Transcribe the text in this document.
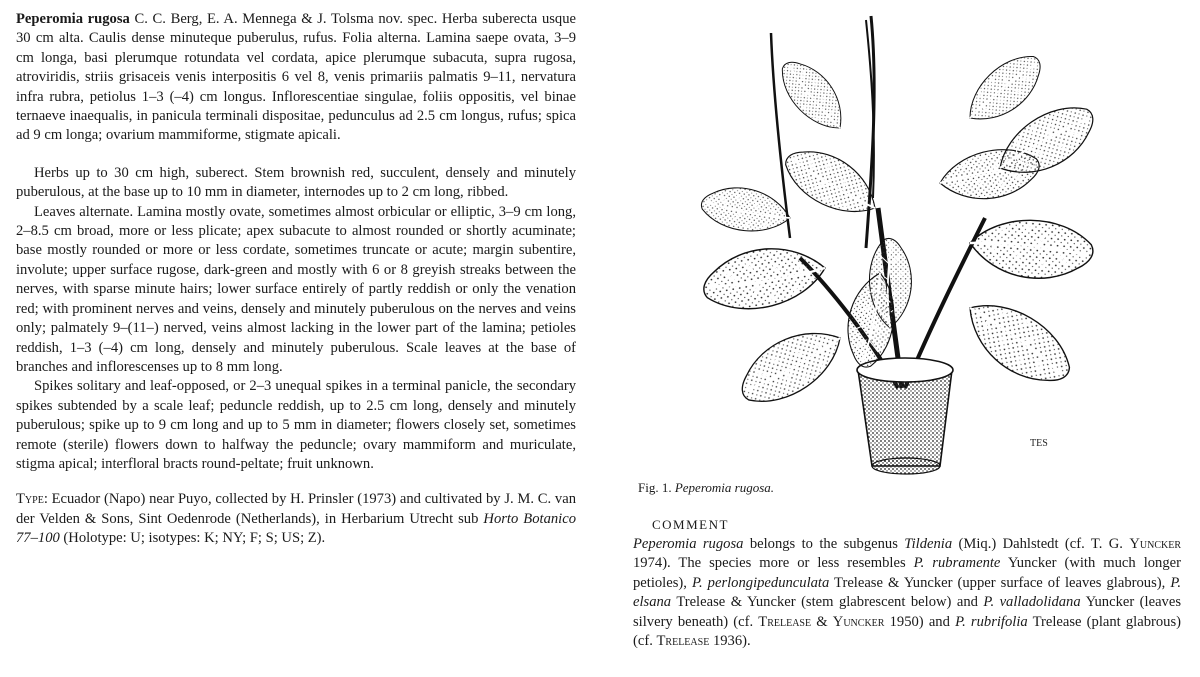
Peperomia rugosa C. C. Berg, E. A. Mennega & J. Tolsma nov. spec. Herba suberecta usque 30 cm alta. Caulis dense minuteque puberulus, rufus. Folia alterna. Lamina saepe ovata, 3–9 cm longa, basi plerumque rotundata vel cordata, apice plerumque subacuta, supra rugosa, atroviridis, striis grisaceis venis interpositis 6 vel 8, venis primariis palmatis 9–11, nervatura infra rubra, petiolus 1–3 (–4) cm longus. Inflorescentiae singulae, foliis oppositis, vel binae ternaeve inaequalis, in panicula terminali dispositae, pedunculus ad 2.5 cm longus, rufus; spica ad 9 cm longa; ovarium mammiforme, stigmate apicali.

Herbs up to 30 cm high, suberect. Stem brownish red, succulent, densely and minutely puberulous, at the base up to 10 mm in diameter, internodes up to 2 cm long, ribbed.

Leaves alternate. Lamina mostly ovate, sometimes almost orbicular or elliptic, 3–9 cm long, 2–8.5 cm broad, more or less plicate; apex subacute to almost rounded or shortly acuminate; base mostly rounded or more or less cordate, sometimes truncate or acute; margin subentire, involute; upper surface rugose, dark-green and mostly with 6 or 8 greyish streaks between the nerves, with sparse minute hairs; lower surface entirely of partly reddish or only the venation red; with prominent nerves and veins, densely and minutely puberulous on the nerves and veins only; palmately 9–(11–) nerved, veins almost lacking in the lower part of the lamina; petioles reddish, 1–3 (–4) cm long, densely and minutely puberulous. Scale leaves at the base of branches and inflorescenses up to 8 mm long.

Spikes solitary and leaf-opposed, or 2–3 unequal spikes in a terminal panicle, the secondary spikes subtended by a scale leaf; peduncle reddish, up to 2.5 cm long, densely and minutely puberulous; spike up to 9 cm long and up to 5 mm in diameter; flowers closely set, sometimes remote (sterile) flowers down to halfway the peduncle; ovary mammiform and muriculate, stigma apical; interfloral bracts round-peltate; fruit unknown.

Type: Ecuador (Napo) near Puyo, collected by H. Prinsler (1973) and cultivated by J. M. C. van der Velden & Sons, Sint Oedenrode (Netherlands), in Herbarium Utrecht sub Horto Botanico 77–100 (Holotype: U; isotypes: K; NY; F; S; US; Z).

TES
Fig. 1. Peperomia rugosa.
COMMENT

Peperomia rugosa belongs to the subgenus Tildenia (Miq.) Dahlstedt (cf. T. G. Yuncker 1974). The species more or less resembles P. rubramente Yuncker (with much longer petioles), P. perlongipedunculata Trelease & Yuncker (upper surface of leaves glabrous), P. elsana Trelease & Yuncker (stem glabrescent below) and P. valladolidana Yuncker (leaves silvery beneath) (cf. Trelease & Yuncker 1950) and P. rubrifolia Trelease (plant glabrous) (cf. Trelease 1936).
